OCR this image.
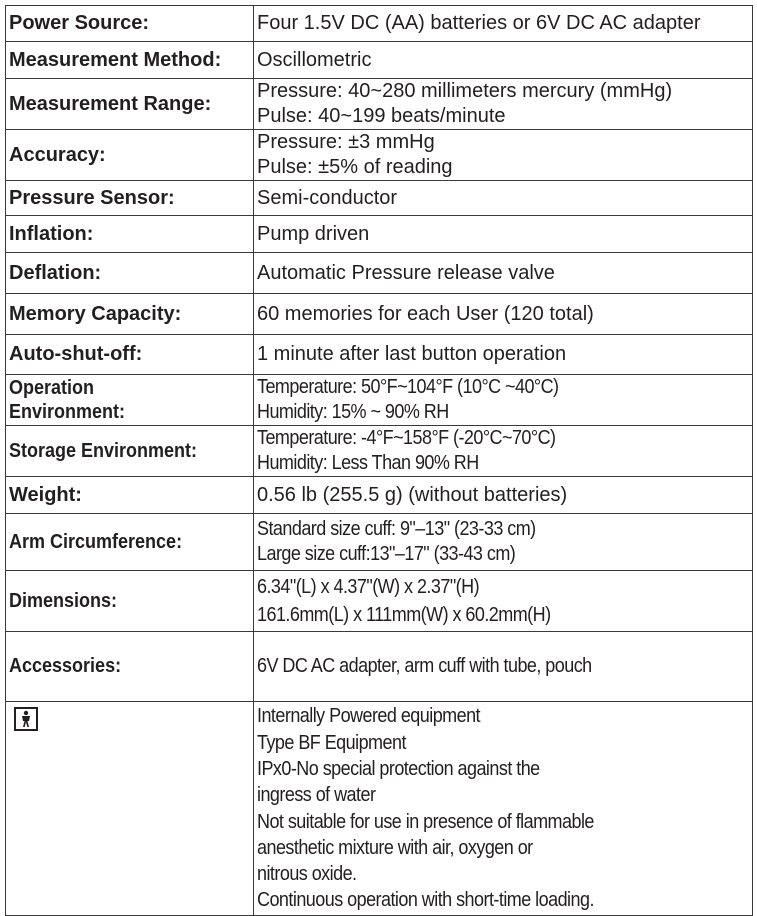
Power Source:	Four 1.5V DC (AA) batteries or 6V DC AC adapter

Measurement Method:	Oscillometric

Measurement Range:	Pressure: 40~280 millimeters mercury (mmHg)
Pulse: 40~199 beats/minute

Accuracy:	Pressure: ±3 mmHg
Pulse: ±5% of reading

Pressure Sensor:	Semi-conductor

Inflation:	Pump driven

Deflation:	Automatic Pressure release valve

Memory Capacity:	60 memories for each User (120 total)

Auto-shut-off:	1 minute after last button operation

Operation
Environment:	Temperature: 50°F~104°F (10°C ~40°C)
Humidity: 15% ~ 90% RH

Storage Environment:	Temperature: -4°F~158°F (-20°C~70°C)
Humidity: Less Than 90% RH

Weight:	0.56 lb (255.5 g) (without batteries)

Arm Circumference:	Standard size cuff: 9"–13" (23-33 cm)
Large size cuff:13"–17" (33-43 cm)

Dimensions:	6.34"(L) x 4.37"(W) x 2.37"(H)
161.6mm(L) x 111mm(W) x 60.2mm(H)

Accessories:	6V DC AC adapter, arm cuff with tube, pouch

Internally Powered equipment
Type BF Equipment
IPx0-No special protection against the
ingress of water
Not suitable for use in presence of flammable
anesthetic mixture with air, oxygen or
nitrous oxide.
Continuous operation with short-time loading.
